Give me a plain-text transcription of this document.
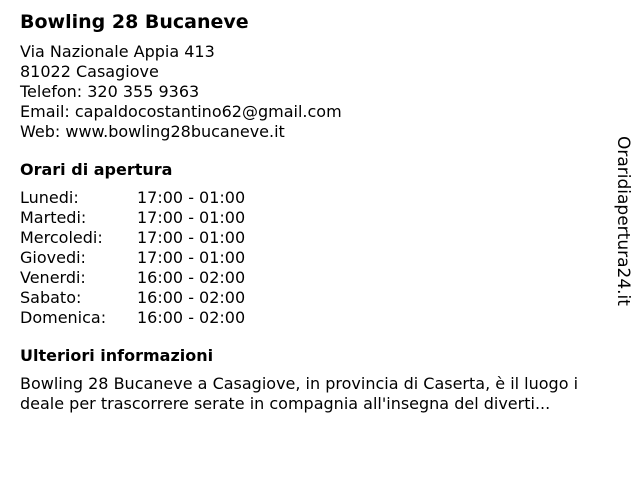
Bowling 28 Bucaneve
Via Nazionale Appia 413
81022 Casagiove
Telefon: 320 355 9363
Email: capaldocostantino62@gmail.com
Web: www.bowling28bucaneve.it
Orari di apertura
Lunedi:	17:00 - 01:00
Martedi:	17:00 - 01:00
Mercoledi:	17:00 - 01:00
Giovedi:	17:00 - 01:00
Venerdi:	16:00 - 02:00
Sabato:	16:00 - 02:00
Domenica:	16:00 - 02:00
Ulteriori informazioni
Bowling 28 Bucaneve a Casagiove, in provincia di Caserta, è il luogo i
deale per trascorrere serate in compagnia all'insegna del diverti...
Oraridiapertura24.it
